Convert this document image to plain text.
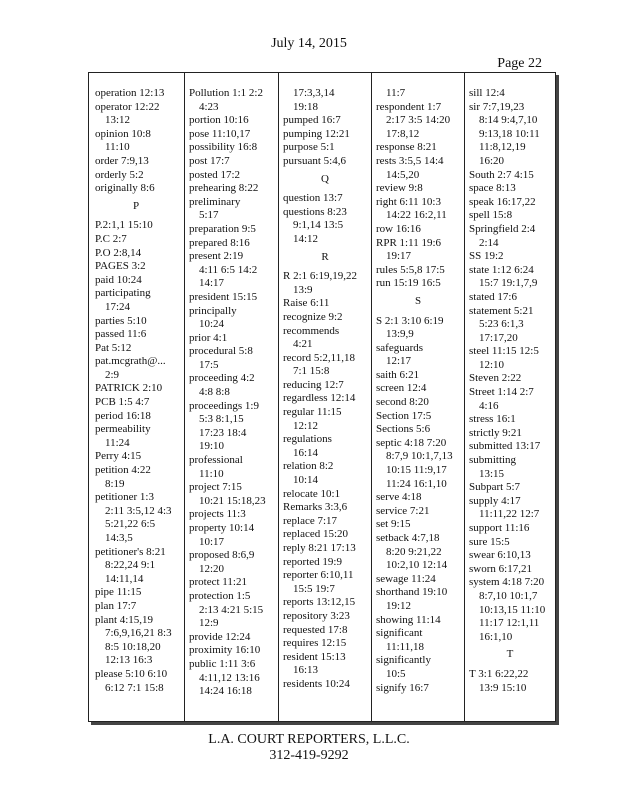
July 14, 2015
Page 22

operation 12:13

operator 12:22

13:12

opinion 10:8

11:10

order 7:9,13

orderly 5:2

originally 8:6

P

P.2:1,1 15:10

P.C 2:7

P.O 2:8,14

PAGES 3:2

paid 10:24

participating

17:24

parties 5:10

passed 11:6

Pat 5:12

pat.mcgrath@...

2:9

PATRICK 2:10

PCB 1:5 4:7

period 16:18

permeability

11:24

Perry 4:15

petition 4:22

8:19

petitioner 1:3

2:11 3:5,12 4:3

5:21,22 6:5

14:3,5

petitioner's 8:21

8:22,24 9:1

14:11,14

pipe 11:15

plan 17:7

plant 4:15,19

7:6,9,16,21 8:3

8:5 10:18,20

12:13 16:3

please 5:10 6:10

6:12 7:1 15:8

Pollution 1:1 2:2

4:23

portion 10:16

pose 11:10,17

possibility 16:8

post 17:7

posted 17:2

prehearing 8:22

preliminary

5:17

preparation 9:5

prepared 8:16

present 2:19

4:11 6:5 14:2

14:17

president 15:15

principally

10:24

prior 4:1

procedural 5:8

17:5

proceeding 4:2

4:8 8:8

proceedings 1:9

5:3 8:1,15

17:23 18:4

19:10

professional

11:10

project 7:15

10:21 15:18,23

projects 11:3

property 10:14

10:17

proposed 8:6,9

12:20

protect 11:21

protection 1:5

2:13 4:21 5:15

12:9

provide 12:24

proximity 16:10

public 1:11 3:6

4:11,12 13:16

14:24 16:18

17:3,3,14

19:18

pumped 16:7

pumping 12:21

purpose 5:1

pursuant 5:4,6

Q

question 13:7

questions 8:23

9:1,14 13:5

14:12

R

R 2:1 6:19,19,22

13:9

Raise 6:11

recognize 9:2

recommends

4:21

record 5:2,11,18

7:1 15:8

reducing 12:7

regardless 12:14

regular 11:15

12:12

regulations

16:14

relation 8:2

10:14

relocate 10:1

Remarks 3:3,6

replace 7:17

replaced 15:20

reply 8:21 17:13

reported 19:9

reporter 6:10,11

15:5 19:7

reports 13:12,15

repository 3:23

requested 17:8

requires 12:15

resident 15:13

16:13

residents 10:24

11:7

respondent 1:7

2:17 3:5 14:20

17:8,12

response 8:21

rests 3:5,5 14:4

14:5,20

review 9:8

right 6:11 10:3

14:22 16:2,11

row 16:16

RPR 1:11 19:6

19:17

rules 5:5,8 17:5

run 15:19 16:5

S

S 2:1 3:10 6:19

13:9,9

safeguards

12:17

saith 6:21

screen 12:4

second 8:20

Section 17:5

Sections 5:6

septic 4:18 7:20

8:7,9 10:1,7,13

10:15 11:9,17

11:24 16:1,10

serve 4:18

service 7:21

set 9:15

setback 4:7,18

8:20 9:21,22

10:2,10 12:14

sewage 11:24

shorthand 19:10

19:12

showing 11:14

significant

11:11,18

significantly

10:5

signify 16:7

sill 12:4

sir 7:7,19,23

8:14 9:4,7,10

9:13,18 10:11

11:8,12,19

16:20

South 2:7 4:15

space 8:13

speak 16:17,22

spell 15:8

Springfield 2:4

2:14

SS 19:2

state 1:12 6:24

15:7 19:1,7,9

stated 17:6

statement 5:21

5:23 6:1,3

17:17,20

steel 11:15 12:5

12:10

Steven 2:22

Street 1:14 2:7

4:16

stress 16:1

strictly 9:21

submitted 13:17

submitting

13:15

Subpart 5:7

supply 4:17

11:11,22 12:7

support 11:16

sure 15:5

swear 6:10,13

sworn 6:17,21

system 4:18 7:20

8:7,10 10:1,7

10:13,15 11:10

11:17 12:1,11

16:1,10

T

T 3:1 6:22,22

13:9 15:10

L.A. COURT REPORTERS, L.L.C.
312-419-9292
